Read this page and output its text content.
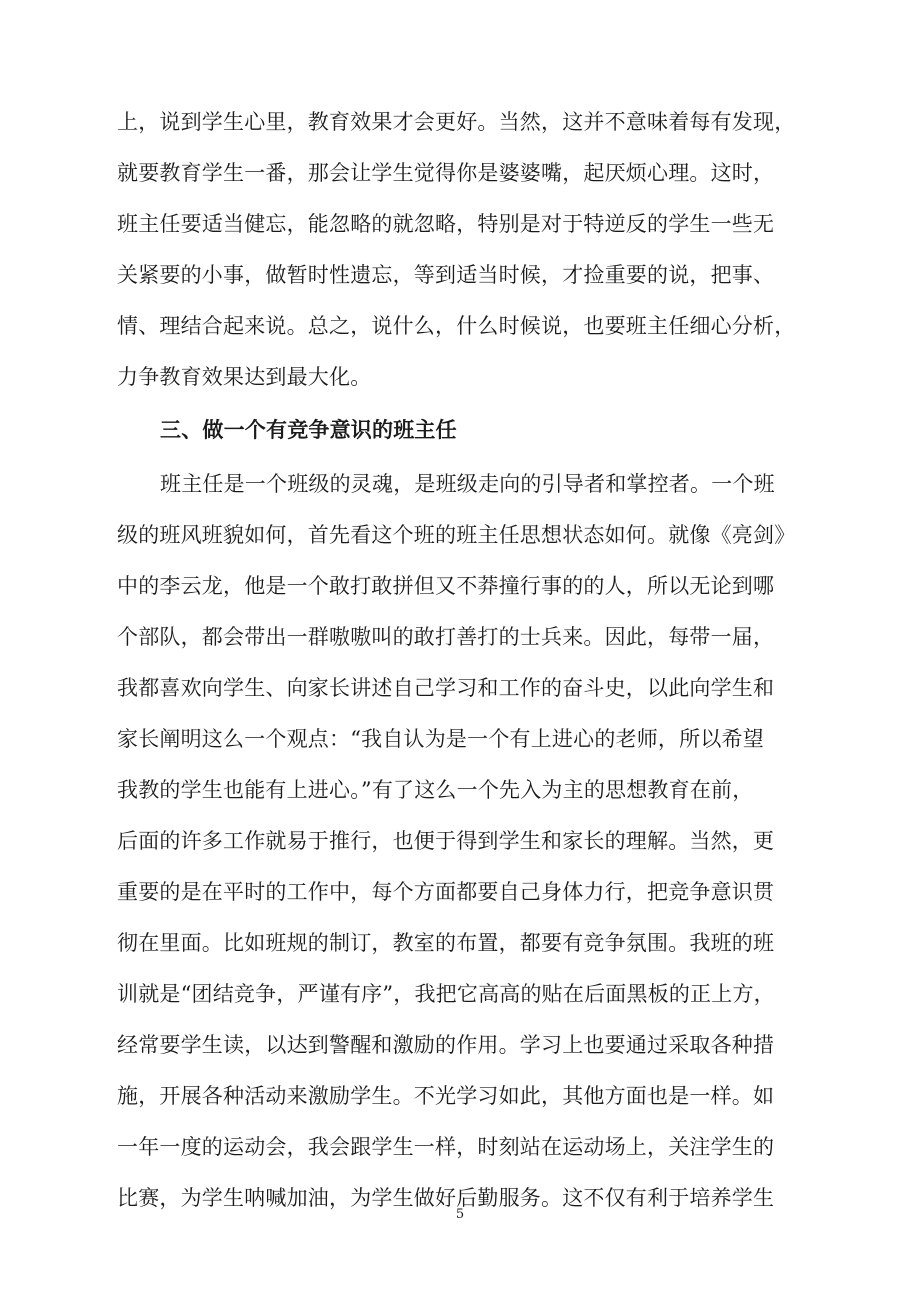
上，说到学生心里，教育效果才会更好。当然，这并不意味着每有发现，
就要教育学生一番，那会让学生觉得你是婆婆嘴，起厌烦心理。这时，
班主任要适当健忘，能忽略的就忽略，特别是对于特逆反的学生一些无
关紧要的小事，做暂时性遗忘，等到适当时候，才捡重要的说，把事、
情、理结合起来说。总之，说什么，什么时候说，也要班主任细心分析，
力争教育效果达到最大化。
三、做一个有竞争意识的班主任
班主任是一个班级的灵魂，是班级走向的引导者和掌控者。一个班
级的班风班貌如何，首先看这个班的班主任思想状态如何。就像《亮剑》
中的李云龙，他是一个敢打敢拼但又不莽撞行事的的人，所以无论到哪
个部队，都会带出一群嗷嗷叫的敢打善打的士兵来。因此，每带一届，
我都喜欢向学生、向家长讲述自己学习和工作的奋斗史，以此向学生和
家长阐明这么一个观点：“我自认为是一个有上进心的老师，所以希望
我教的学生也能有上进心。”有了这么一个先入为主的思想教育在前，
后面的许多工作就易于推行，也便于得到学生和家长的理解。当然，更
重要的是在平时的工作中，每个方面都要自己身体力行，把竞争意识贯
彻在里面。比如班规的制订，教室的布置，都要有竞争氛围。我班的班
训就是“团结竞争，严谨有序”，我把它高高的贴在后面黑板的正上方，
经常要学生读，以达到警醒和激励的作用。学习上也要通过采取各种措
施，开展各种活动来激励学生。不光学习如此，其他方面也是一样。如
一年一度的运动会，我会跟学生一样，时刻站在运动场上，关注学生的
比赛，为学生呐喊加油，为学生做好后勤服务。这不仅有利于培养学生
5
